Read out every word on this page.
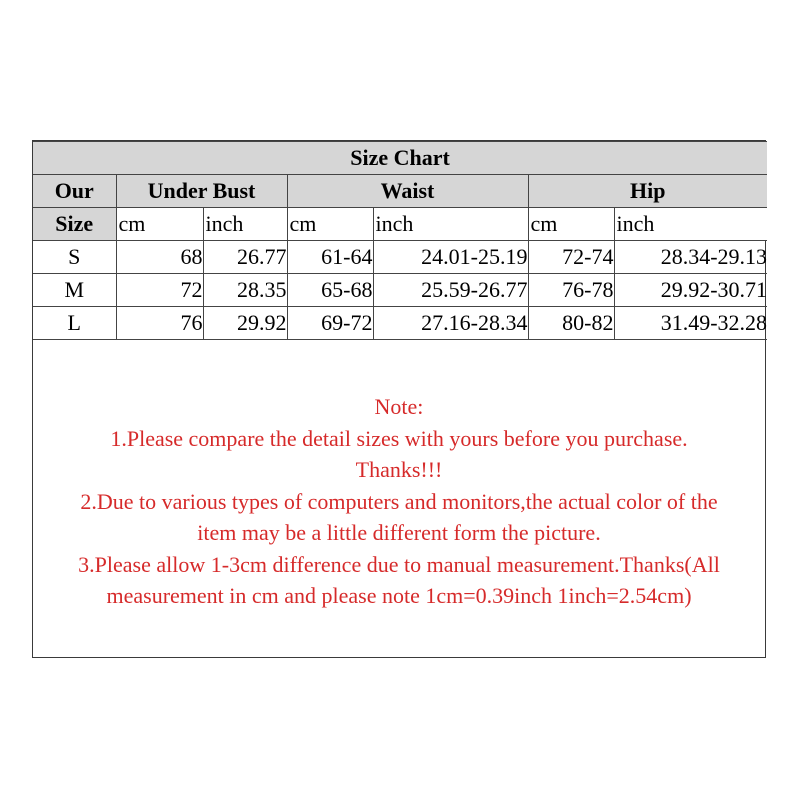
Size Chart						
Our	Under Bust		Waist		Hip	
Size	cm	inch	cm	inch	cm	inch
S	68	26.77	61-64	24.01-25.19	72-74	28.34-29.13
M	72	28.35	65-68	25.59-26.77	76-78	29.92-30.71
L	76	29.92	69-72	27.16-28.34	80-82	31.49-32.28
Note:
1.Please compare the detail sizes with yours before you purchase.
Thanks!!!
2.Due to various types of computers and monitors,the actual color of the
item may be a little different form the picture.
3.Please allow 1-3cm difference due to manual measurement.Thanks(All
measurement in cm and please note 1cm=0.39inch 1inch=2.54cm)
